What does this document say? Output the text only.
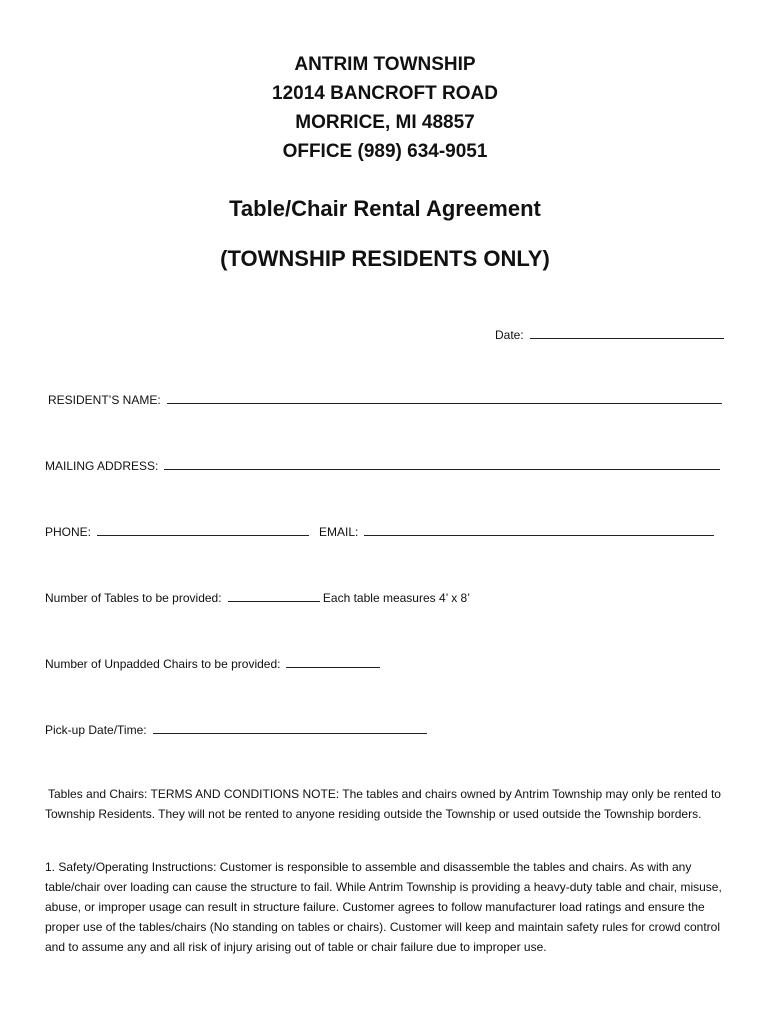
ANTRIM TOWNSHIP
12014 BANCROFT ROAD
MORRICE, MI 48857
OFFICE (989) 634-9051
Table/Chair Rental Agreement
(TOWNSHIP RESIDENTS ONLY)
Date:
RESIDENT’S NAME:
MAILING ADDRESS:
PHONE:	EMAIL:
Number of Tables to be provided:	Each table measures 4’ x 8’
Number of Unpadded Chairs to be provided:
Pick-up Date/Time:
Tables and Chairs: TERMS AND CONDITIONS NOTE: The tables and chairs owned by Antrim Township may only be rented to Township Residents. They will not be rented to anyone residing outside the Township or used outside the Township borders.
1. Safety/Operating Instructions: Customer is responsible to assemble and disassemble the tables and chairs. As with any table/chair over loading can cause the structure to fail. While Antrim Township is providing a heavy-duty table and chair, misuse, abuse, or improper usage can result in structure failure. Customer agrees to follow manufacturer load ratings and ensure the proper use of the tables/chairs (No standing on tables or chairs). Customer will keep and maintain safety rules for crowd control and to assume any and all risk of injury arising out of table or chair failure due to improper use.
